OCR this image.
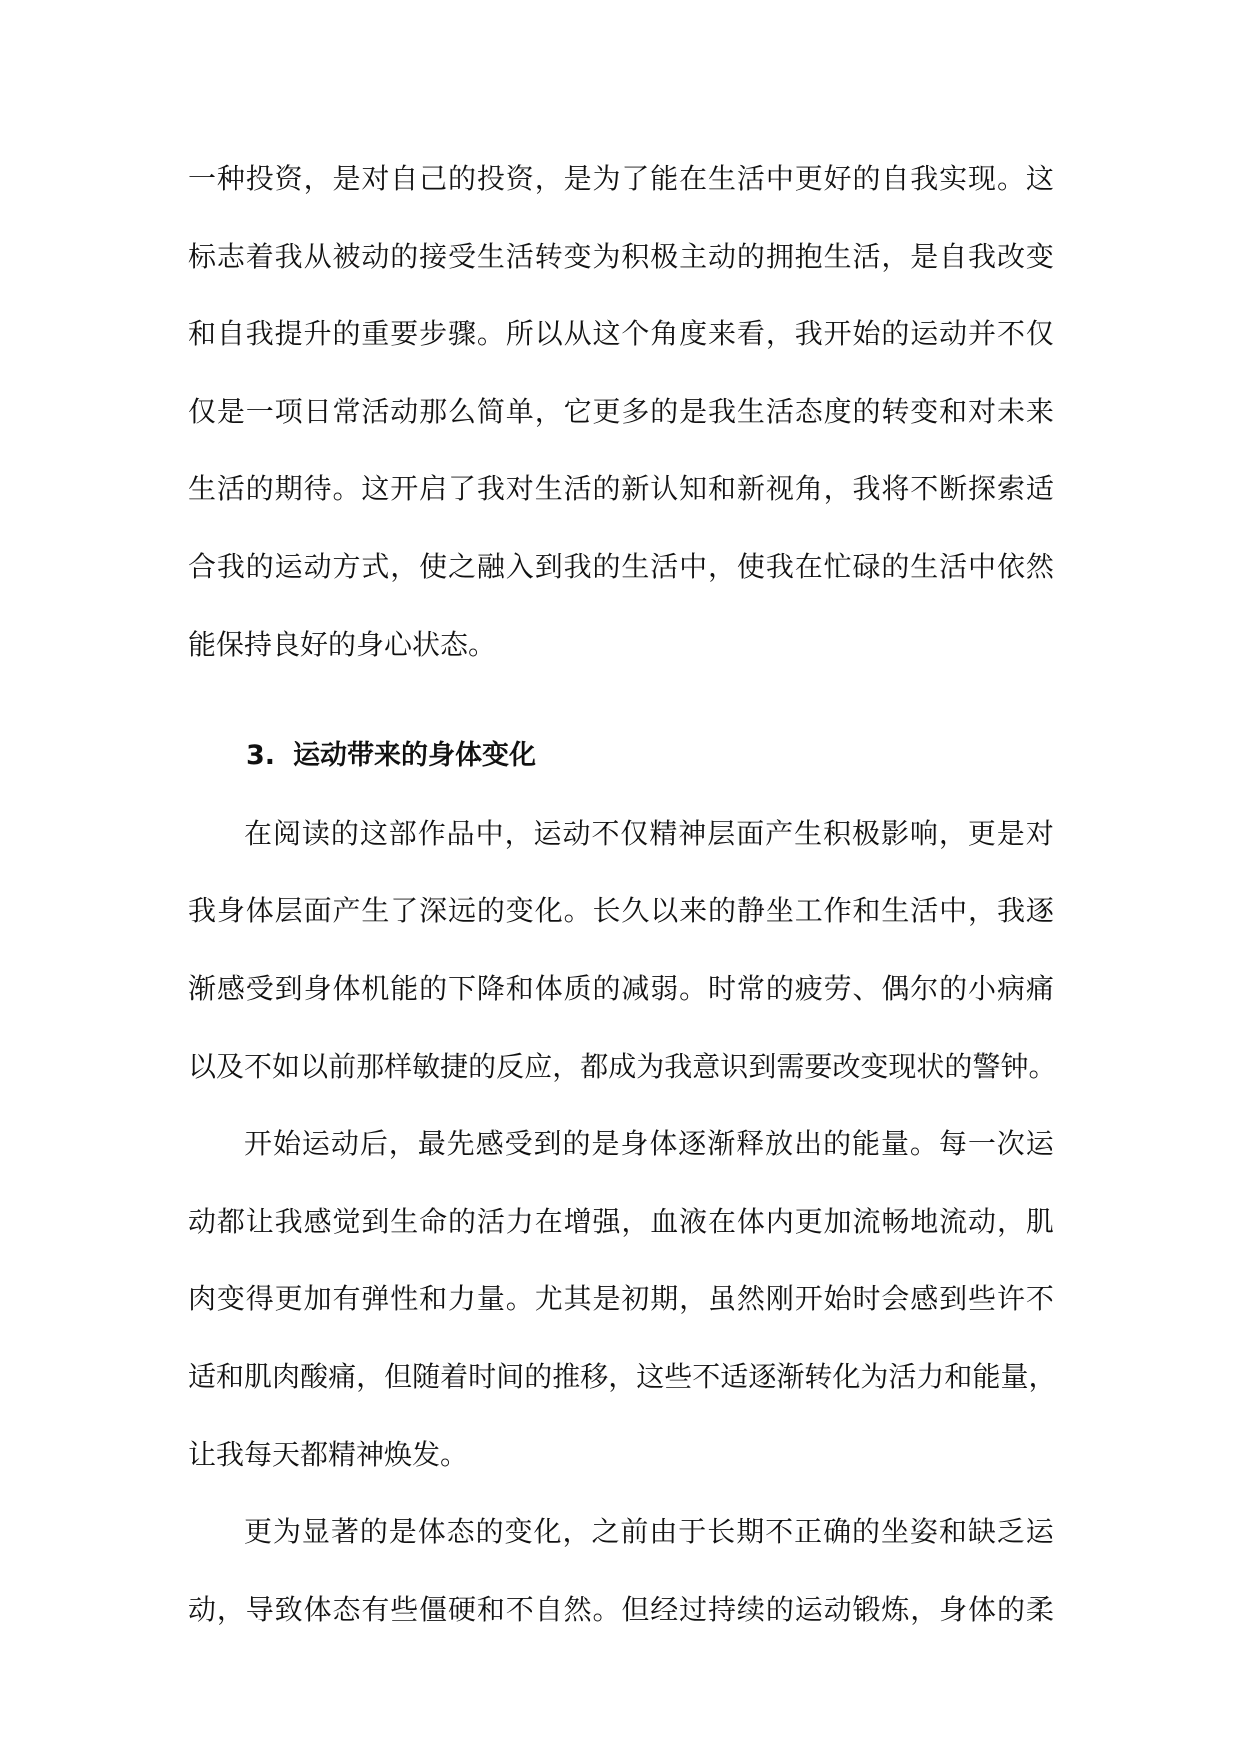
一 种 投 资 ， 是 对 自 己 的 投 资 ， 是 为 了 能 在 生 活 中 更 好 的 自 我 实 现 。 这
标 志 着 我 从 被 动 的 接 受 生 活 转 变 为 积 极 主 动 的 拥 抱 生 活 ， 是 自 我 改 变
和 自 我 提 升 的 重 要 步 骤 。 所 以 从 这 个 角 度 来 看 ， 我 开 始 的 运 动 并 不 仅
仅 是 一 项 日 常 活 动 那 么 简 单 ， 它 更 多 的 是 我 生 活 态 度 的 转 变 和 对 未 来
生 活 的 期 待 。 这 开 启 了 我 对 生 活 的 新 认 知 和 新 视 角 ， 我 将 不 断 探 索 适
合 我 的 运 动 方 式 ， 使 之 融 入 到 我 的 生 活 中 ， 使 我 在 忙 碌 的 生 活 中 依 然
能保持良好的身心状态。
3. 运动带来的身体变化
在 阅 读 的 这 部 作 品 中 ， 运 动 不 仅 精 神 层 面 产 生 积 极 影 响 ， 更 是 对
我 身 体 层 面 产 生 了 深 远 的 变 化 。 长 久 以 来 的 静 坐 工 作 和 生 活 中 ， 我 逐
渐 感 受 到 身 体 机 能 的 下 降 和 体 质 的 减 弱 。 时 常 的 疲 劳 、 偶 尔 的 小 病 痛
以 及 不 如 以 前 那 样 敏 捷 的 反 应 ， 都 成 为 我 意 识 到 需 要 改 变 现 状 的 警 钟 。
开 始 运 动 后 ， 最 先 感 受 到 的 是 身 体 逐 渐 释 放 出 的 能 量 。 每 一 次 运
动 都 让 我 感 觉 到 生 命 的 活 力 在 增 强 ， 血 液 在 体 内 更 加 流 畅 地 流 动 ， 肌
肉 变 得 更 加 有 弹 性 和 力 量 。 尤 其 是 初 期 ， 虽 然 刚 开 始 时 会 感 到 些 许 不
适 和 肌 肉 酸 痛 ， 但 随 着 时 间 的 推 移 ， 这 些 不 适 逐 渐 转 化 为 活 力 和 能 量 ，
让我每天都精神焕发。
更 为 显 著 的 是 体 态 的 变 化 ， 之 前 由 于 长 期 不 正 确 的 坐 姿 和 缺 乏 运
动 ， 导 致 体 态 有 些 僵 硬 和 不 自 然 。 但 经 过 持 续 的 运 动 锻 炼 ， 身 体 的 柔
